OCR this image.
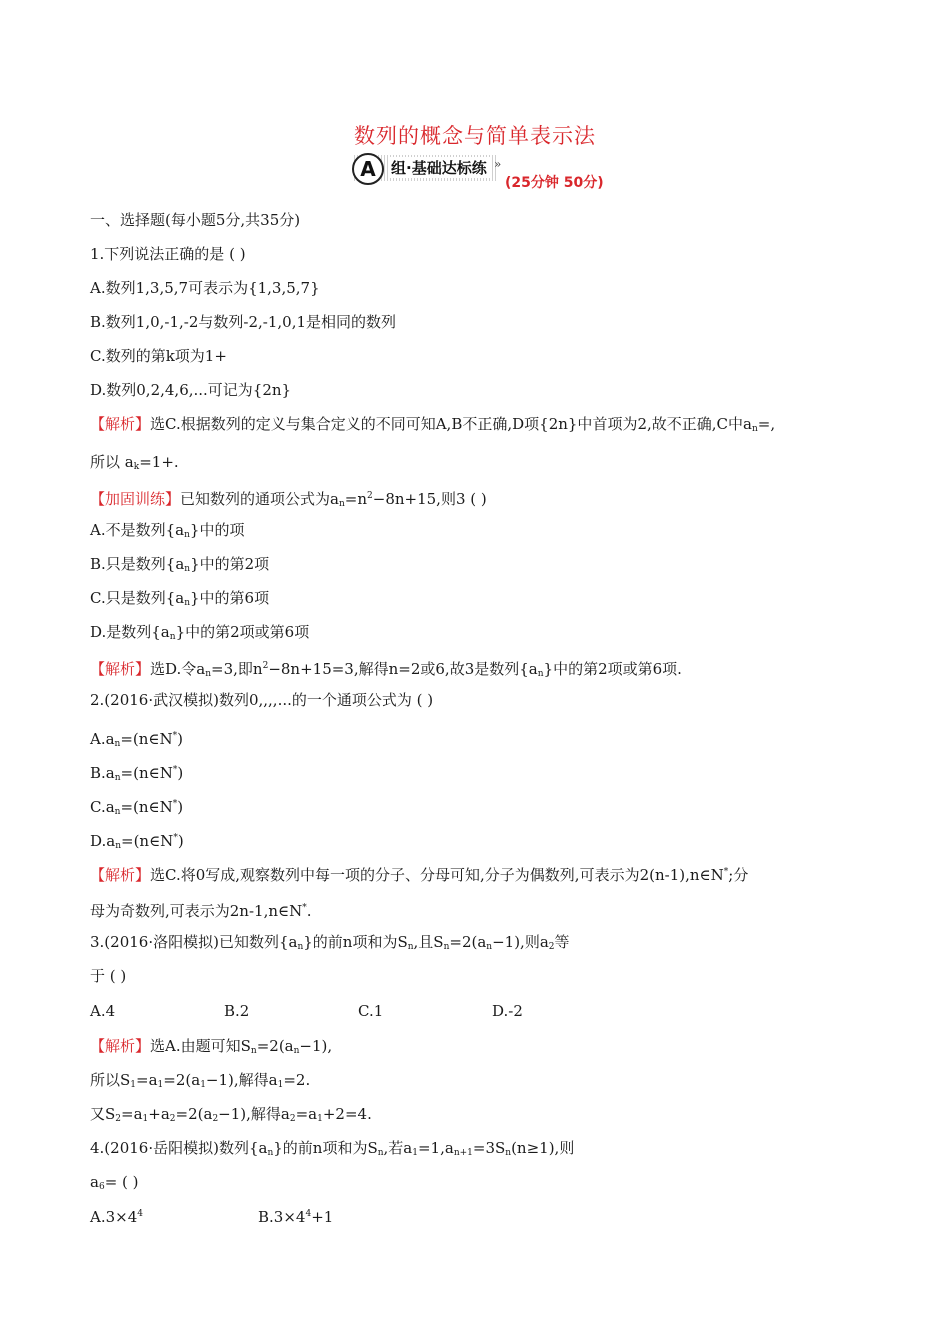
数列的概念与简单表示法
A	组·基础达标练 »
(25分钟 50分)
一、选择题(每小题5分,共35分)
1.下列说法正确的是 ( )
A.数列1,3,5,7可表示为{1,3,5,7}
B.数列1,0,-1,-2与数列-2,-1,0,1是相同的数列
C.数列的第k项为1+
D.数列0,2,4,6,...可记为{2n}
【解析】选C.根据数列的定义与集合定义的不同可知A,B不正确,D项{2n}中首项为2,故不正确,C中$a_n=$,
所以 $a_k=1+$.
【加固训练】已知数列的通项公式为$a_n=n^2-8n+15$,则3 ( )
A.不是数列$\{a_n\}$中的项
B.只是数列$\{a_n\}$中的第2项
C.只是数列$\{a_n\}$中的第6项
D.是数列$\{a_n\}$中的第2项或第6项
【解析】选D.令$a_n=3$,即$n^2-8n+15=3$,解得n=2或6,故3是数列$\{a_n\}$中的第2项或第6项.
2.(2016·武汉模拟)数列0,,,,...的一个通项公式为 ( )
$A.a_n=(n\in N^*)$
$B.a_n=(n\in N^*)$
$C.a_n=(n\in N^*)$
$D.a_n=(n\in N^*)$
【解析】选C.将0写成,观察数列中每一项的分子、分母可知,分子为偶数列,可表示为2(n-1),n∈N*;分
母为奇数列,可表示为2n-1,n∈N*.
3.(2016·洛阳模拟)已知数列$\{a_n\}$的前n项和为$S_n$,且$S_n=2(a_n-1)$,则$a_2$等
于 ( )
A.4	B.2	C.1	D.-2
【解析】选A.由题可知$S_n=2(a_n-1)$,
所以$S_1=a_1=2(a_1-1)$,解得$a_1=2$.
又$S_2=a_1+a_2=2(a_2-1)$,解得$a_2=a_1+2=4$.
4.(2016·岳阳模拟)数列$\{a_n\}$的前n项和为$S_n$,若$a_1=1,a_{n+1}=3S_n(n\ge 1)$,则
$a_6=$ ( )
$A.3\times 4^4$	$B.3\times 4^4+1$
